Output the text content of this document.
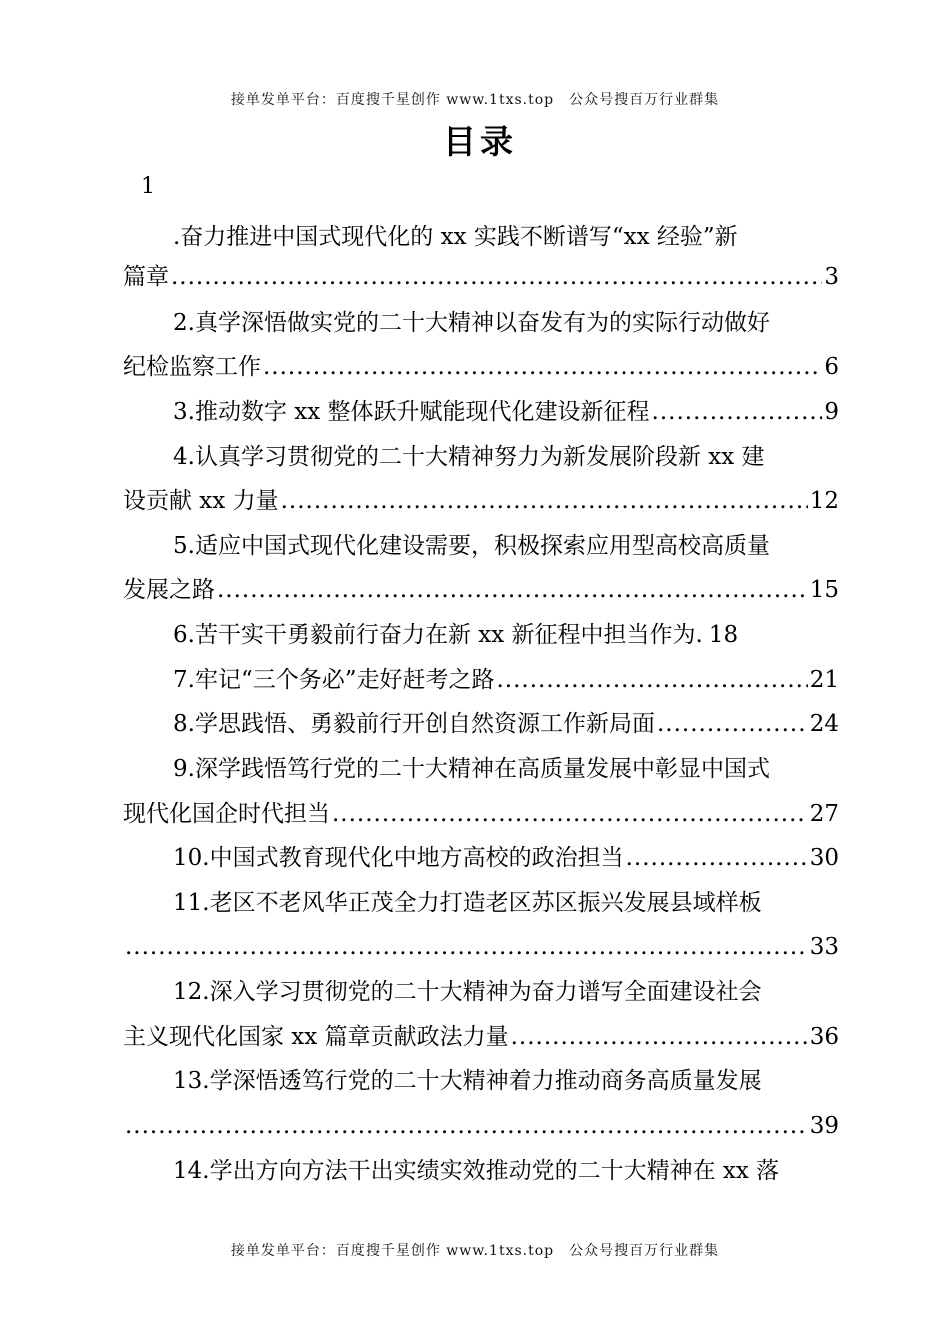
接单发单平台：百度搜千星创作 www.1txs.top　公众号搜百万行业群集
目录
1
.奋力推进中国式现代化的 xx 实践不断谱写“xx 经验”新
篇章 .....	3
2.真学深悟做实党的二十大精神以奋发有为的实际行动做好
纪检监察工作 .....	6
3.推动数字 xx 整体跃升赋能现代化建设新征程 .....	9
4.认真学习贯彻党的二十大精神努力为新发展阶段新 xx 建
设贡献 xx 力量 .....	12
5.适应中国式现代化建设需要，积极探索应用型高校高质量
发展之路 .....	15
6.苦干实干勇毅前行奋力在新 xx 新征程中担当作为. 18
7.牢记“三个务必”走好赶考之路 .....	21
8.学思践悟、勇毅前行开创自然资源工作新局面 .....	24
9.深学践悟笃行党的二十大精神在高质量发展中彰显中国式
现代化国企时代担当 .....	27
10.中国式教育现代化中地方高校的政治担当 .....	30
11.老区不老风华正茂全力打造老区苏区振兴发展县域样板
.....
33
12.深入学习贯彻党的二十大精神为奋力谱写全面建设社会
主义现代化国家 xx 篇章贡献政法力量 .....	36
13.学深悟透笃行党的二十大精神着力推动商务高质量发展
.....
39
14.学出方向方法干出实绩实效推动党的二十大精神在 xx 落
接单发单平台：百度搜千星创作 www.1txs.top　公众号搜百万行业群集
